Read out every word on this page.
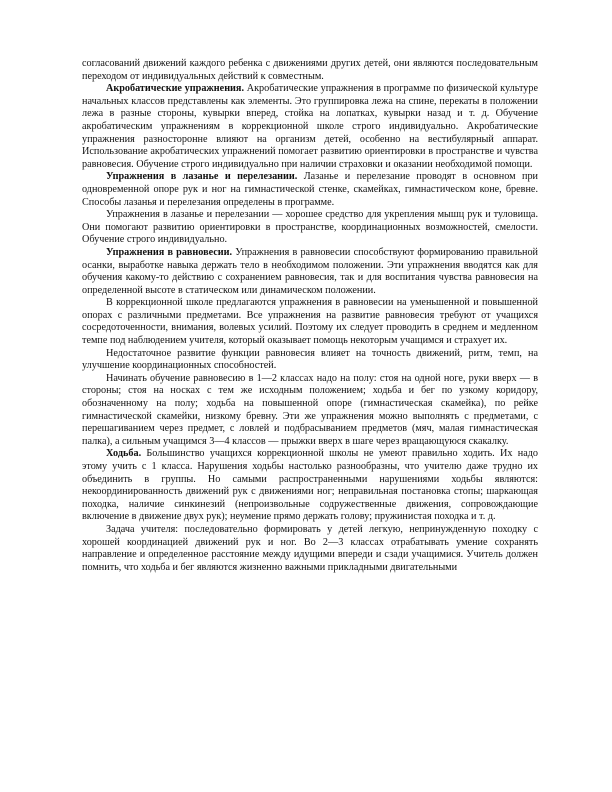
согласований движений каждого ребенка с движениями других детей, они являются последовательным переходом от индивидуальных действий к совместным.

Акробатические упражнения. Акробатические упражнения в программе по физической культуре начальных классов представлены как элементы. Это группировка лежа на спине, перекаты в положении лежа в разные стороны, кувырки вперед, стойка на лопатках, кувырки назад и т. д. Обучение акробатическим упражнениям в коррекционной школе строго индивидуально. Акробатические упражнения разносторонне влияют на организм детей, особенно на вестибулярный аппарат. Использование акробатических упражнений помогает развитию ориентировки в пространстве и чувства равновесия. Обучение строго индивидуально при наличии страховки и оказании необходимой помощи.

Упражнения в лазанье и перелезании. Лазанье и перелезание проводят в основном при одновременной опоре рук и ног на гимнастической стенке, скамейках, гимнастическом коне, бревне. Способы лазанья и перелезания определены в программе.

Упражнения в лазанье и перелезании — хорошее средство для укрепления мышц рук и туловища. Они помогают развитию ориентировки в пространстве, координационных возможностей, смелости. Обучение строго индивидуально.

Упражнения в равновесии. Упражнения в равновесии способствуют формированию правильной осанки, выработке навыка держать тело в необходимом положении. Эти упражнения вводятся как для обучения какому-то действию с сохранением равновесия, так и для воспитания чувства равновесия на определенной высоте в статическом или динамическом положении.

В коррекционной школе предлагаются упражнения в равновесии на уменьшенной и повышенной опорах с различными предметами. Все упражнения на развитие равновесия требуют от учащихся сосредоточенности, внимания, волевых усилий. Поэтому их следует проводить в среднем и медленном темпе под наблюдением учителя, который оказывает помощь некоторым учащимся и страхует их.

Недостаточное развитие функции равновесия влияет на точность движений, ритм, темп, на улучшение координационных способностей.

Начинать обучение равновесию в 1—2 классах надо на полу: стоя на одной ноге, руки вверх — в стороны; стоя на носках с тем же исходным положением; ходьба и бег по узкому коридору, обозначенному на полу; ходьба на повышенной опоре (гимнастическая скамейка), по рейке гимнастической скамейки, низкому бревну. Эти же упражнения можно выполнять с предметами, с перешагиванием через предмет, с ловлей и подбрасыванием предметов (мяч, малая гимнастическая палка), а сильным учащимся 3—4 классов — прыжки вверх в шаге через вращающуюся скакалку.

Ходьба. Большинство учащихся коррекционной школы не умеют правильно ходить. Их надо этому учить с 1 класса. Нарушения ходьбы настолько разнообразны, что учителю даже трудно их объединить в группы. Но самыми распространенными нарушениями ходьбы являются: некоординированность движений рук с движениями ног; неправильная постановка стопы; шаркающая походка, наличие синкинезий (непроизвольные содружественные движения, сопровождающие включение в движение двух рук); неумение прямо держать голову; пружинистая походка и т. д.

Задача учителя: последовательно формировать у детей легкую, непринужденную походку с хорошей координацией движений рук и ног. Во 2—3 классах отрабатывать умение сохранять направление и определенное расстояние между идущими впереди и сзади учащимися. Учитель должен помнить, что ходьба и бег являются жизненно важными прикладными двигательными
